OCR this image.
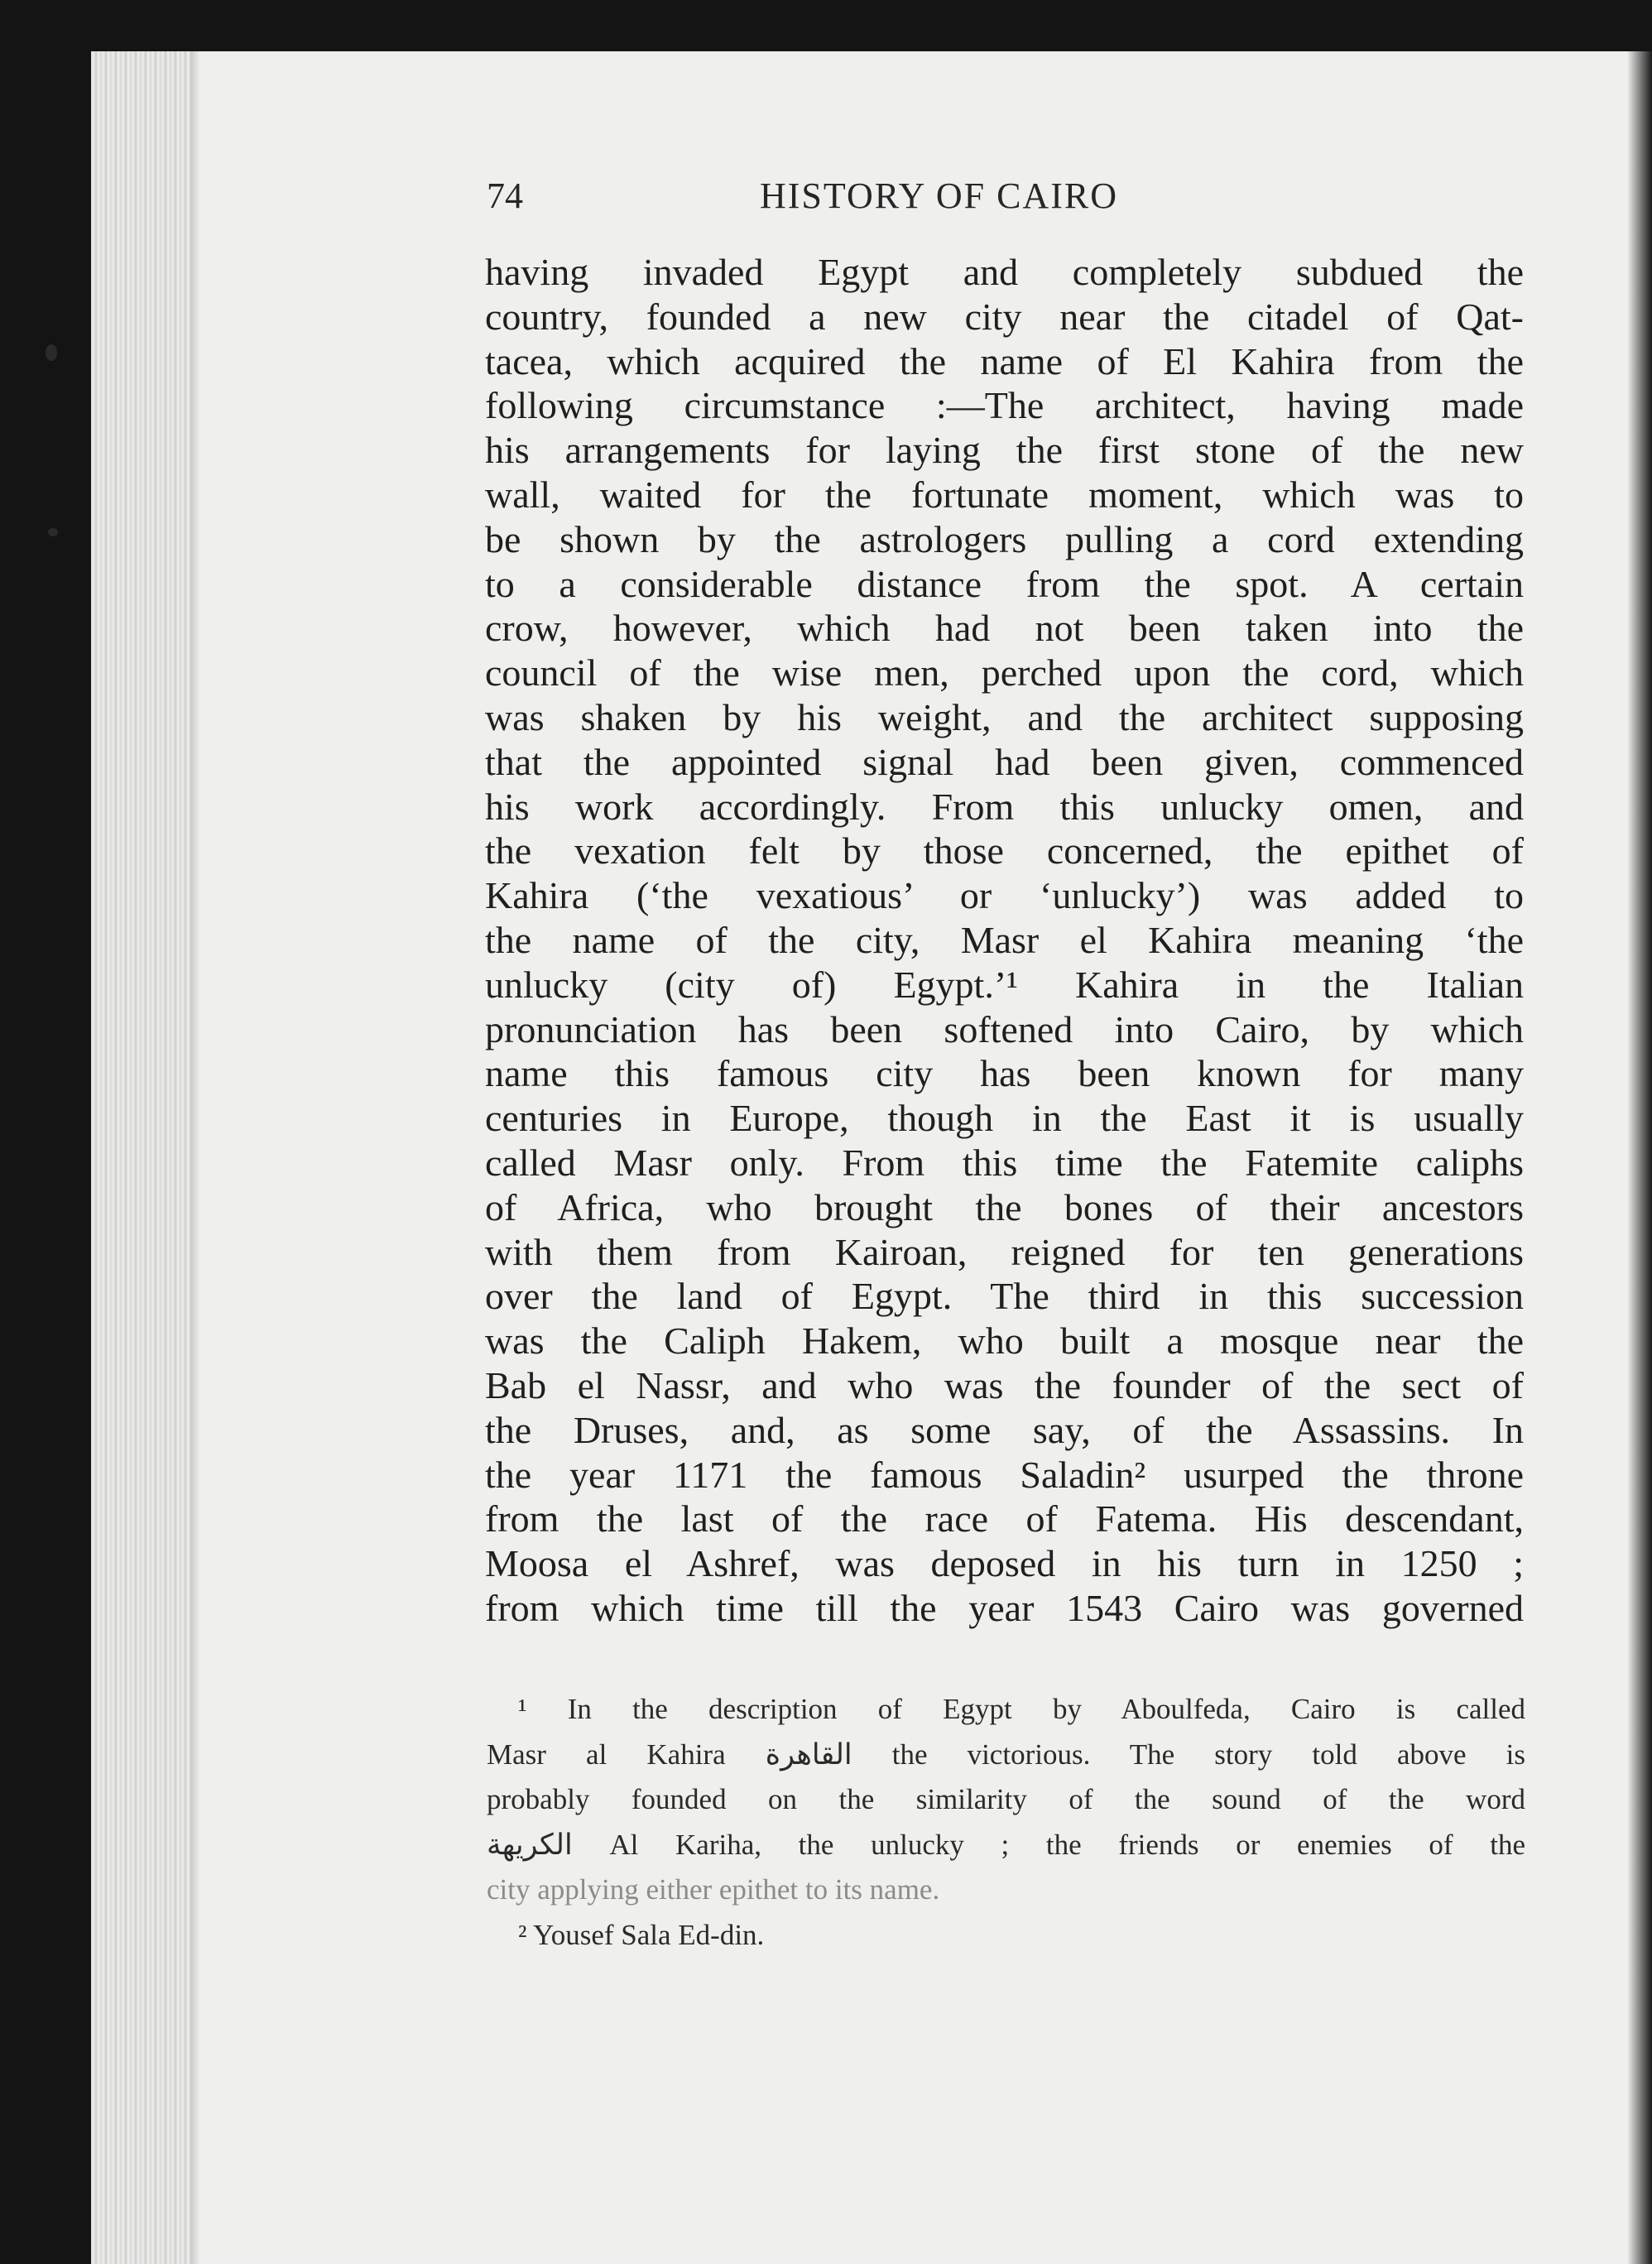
74	HISTORY OF CAIRO
having invaded Egypt and completely subdued the
country, founded a new city near the citadel of Qat-
tacea, which acquired the name of El Kahira from the
following circumstance :—The architect, having made
his arrangements for laying the first stone of the new
wall, waited for the fortunate moment, which was to
be shown by the astrologers pulling a cord extending
to a considerable distance from the spot. A certain
crow, however, which had not been taken into the
council of the wise men, perched upon the cord, which
was shaken by his weight, and the architect supposing
that the appointed signal had been given, commenced
his work accordingly. From this unlucky omen, and
the vexation felt by those concerned, the epithet of
Kahira (‘the vexatious’ or ‘unlucky’) was added to
the name of the city, Masr el Kahira meaning ‘the
unlucky (city of) Egypt.’¹ Kahira in the Italian
pronunciation has been softened into Cairo, by which
name this famous city has been known for many
centuries in Europe, though in the East it is usually
called Masr only. From this time the Fatemite caliphs
of Africa, who brought the bones of their ancestors
with them from Kairoan, reigned for ten generations
over the land of Egypt. The third in this succession
was the Caliph Hakem, who built a mosque near the
Bab el Nassr, and who was the founder of the sect of
the Druses, and, as some say, of the Assassins. In
the year 1171 the famous Saladin² usurped the throne
from the last of the race of Fatema. His descendant,
Moosa el Ashref, was deposed in his turn in 1250 ;
from which time till the year 1543 Cairo was governed
¹ In the description of Egypt by Aboulfeda, Cairo is called
Masr al Kahira القاهرة the victorious. The story told above is
probably founded on the similarity of the sound of the word
الكريهة Al Kariha, the unlucky ; the friends or enemies of the
city applying either epithet to its name.
² Yousef Sala Ed-din.
